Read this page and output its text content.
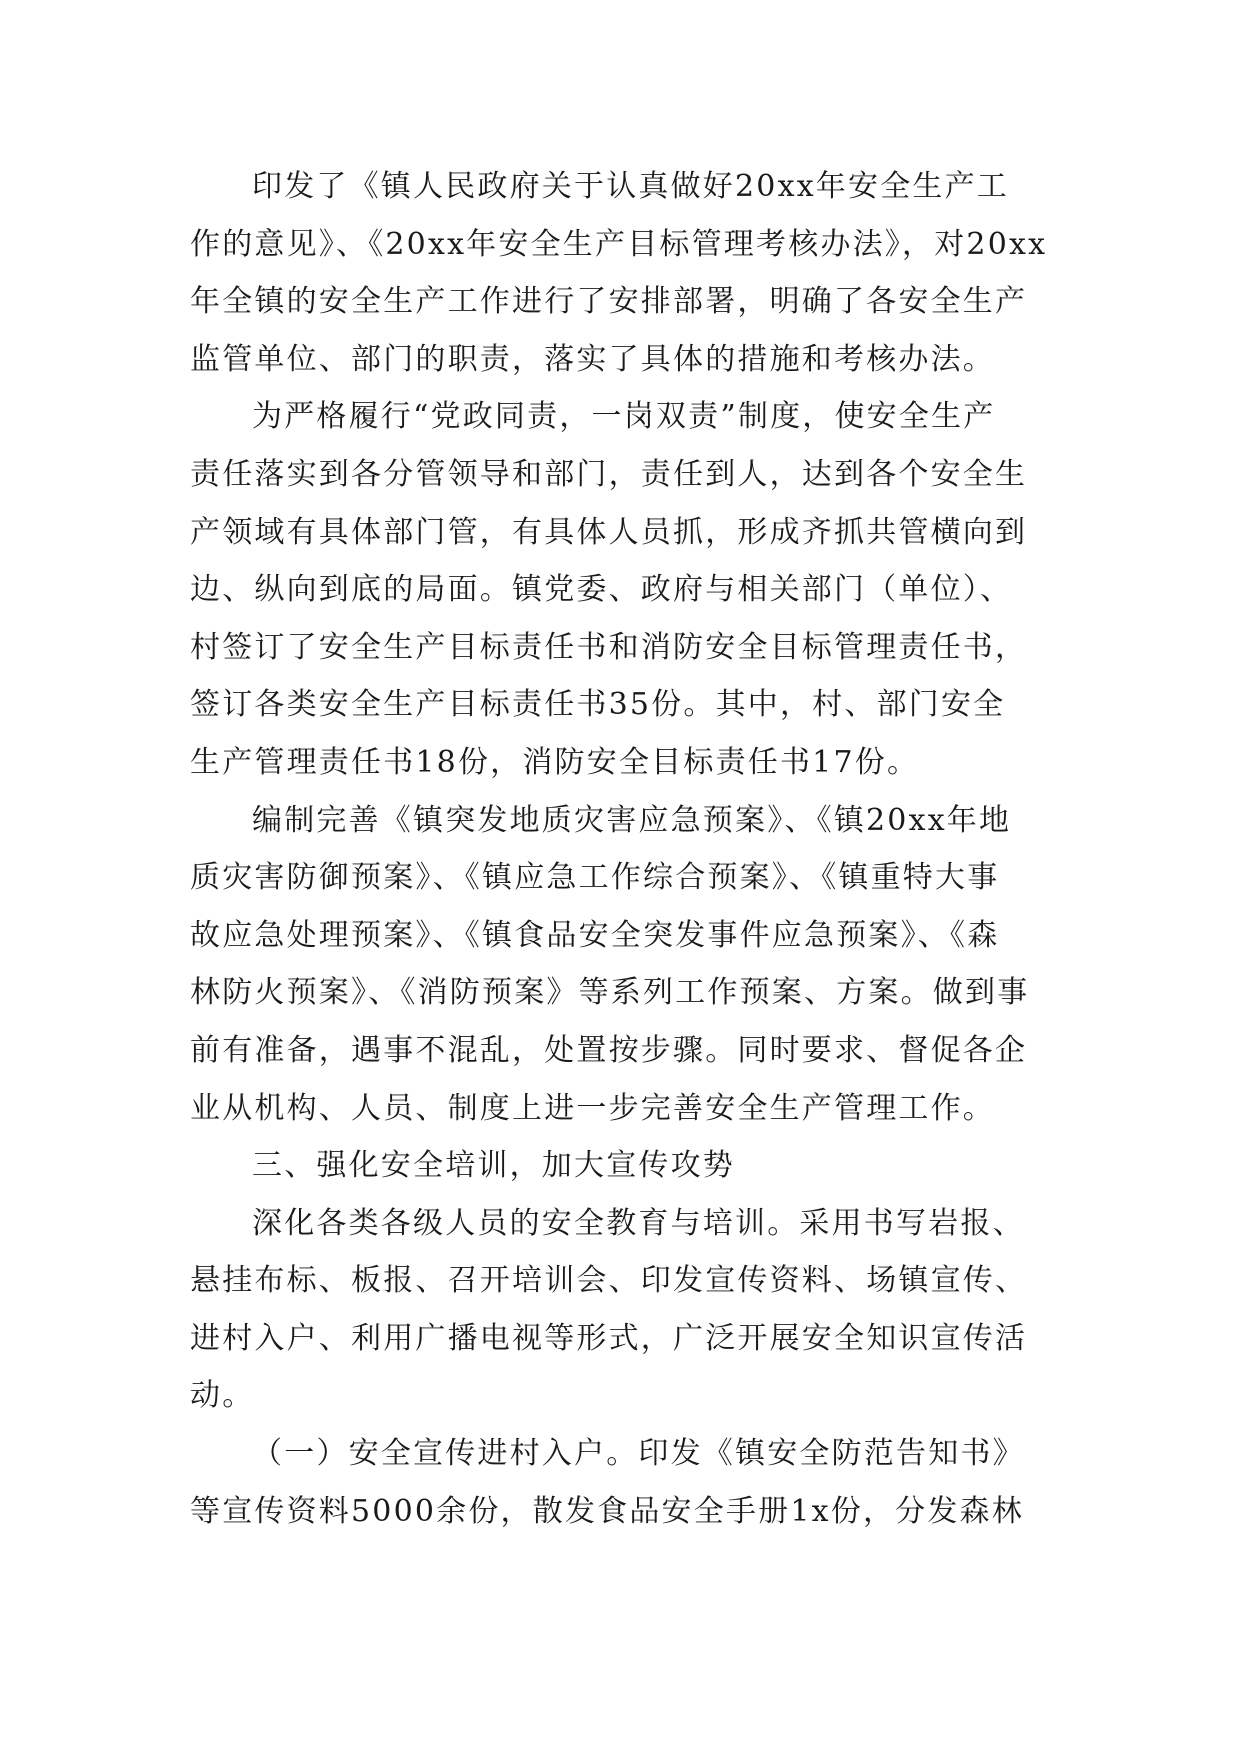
印发了《镇人民政府关于认真做好20xx年安全生产工
作的意见》、《20xx年安全生产目标管理考核办法》，对20xx
年全镇的安全生产工作进行了安排部署，明确了各安全生产
监管单位、部门的职责，落实了具体的措施和考核办法。
为严格履行“党政同责，一岗双责”制度，使安全生产
责任落实到各分管领导和部门，责任到人，达到各个安全生
产领域有具体部门管，有具体人员抓，形成齐抓共管横向到
边、纵向到底的局面。镇党委、政府与相关部门（单位）、
村签订了安全生产目标责任书和消防安全目标管理责任书，
签订各类安全生产目标责任书35份。其中，村、部门安全
生产管理责任书18份，消防安全目标责任书17份。
编制完善《镇突发地质灾害应急预案》、《镇20xx年地
质灾害防御预案》、《镇应急工作综合预案》、《镇重特大事
故应急处理预案》、《镇食品安全突发事件应急预案》、《森
林防火预案》、《消防预案》等系列工作预案、方案。做到事
前有准备，遇事不混乱，处置按步骤。同时要求、督促各企
业从机构、人员、制度上进一步完善安全生产管理工作。
三、强化安全培训，加大宣传攻势
深化各类各级人员的安全教育与培训。采用书写岩报、
悬挂布标、板报、召开培训会、印发宣传资料、场镇宣传、
进村入户、利用广播电视等形式，广泛开展安全知识宣传活
动。
（一）安全宣传进村入户。印发《镇安全防范告知书》
等宣传资料5000余份，散发食品安全手册1x份，分发森林
